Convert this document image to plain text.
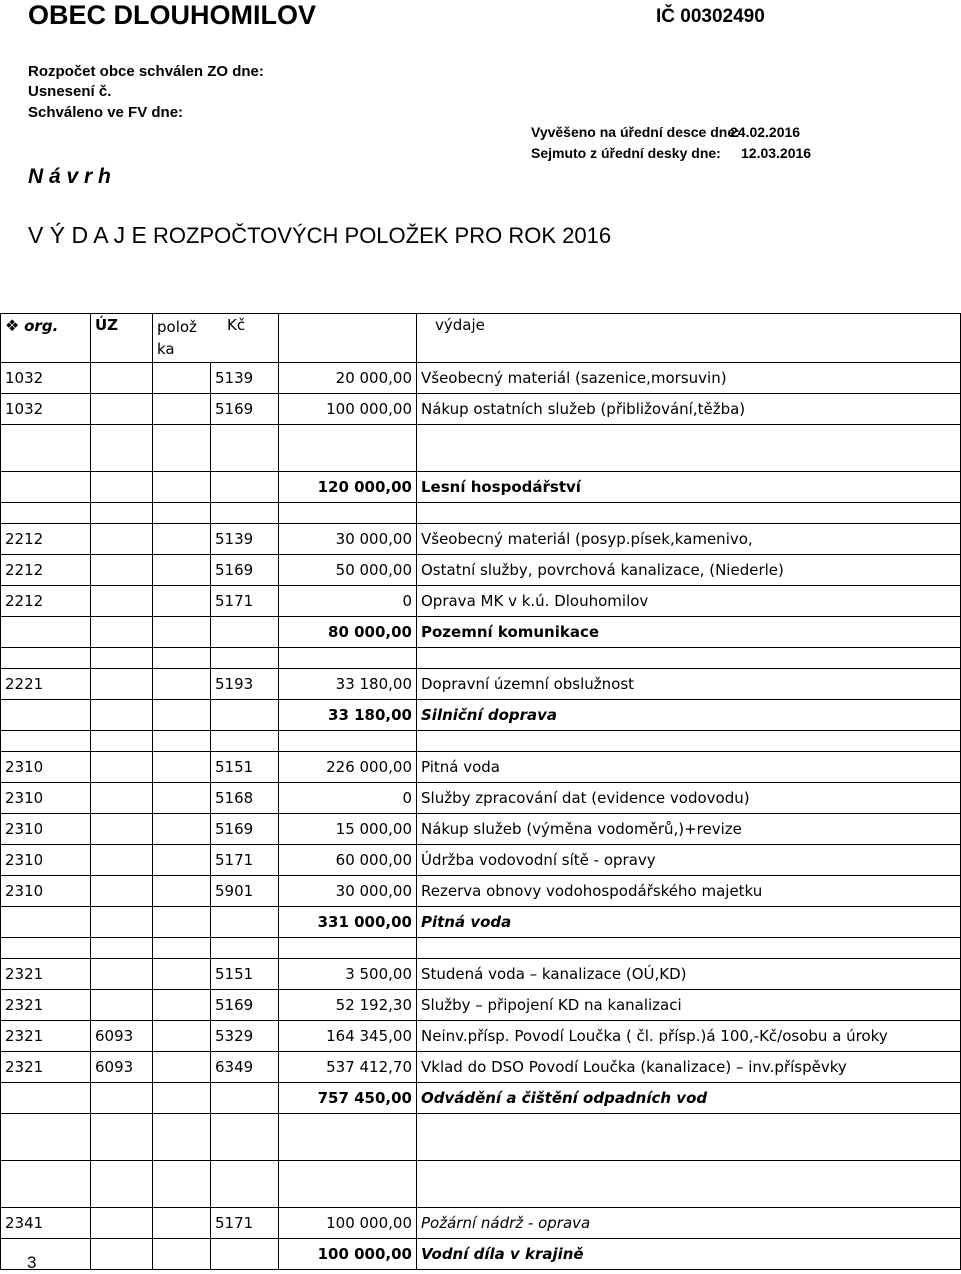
OBEC DLOUHOMILOV	IČ 00302490
Rozpočet obce schválen ZO dne:
Usnesení č.
Schváleno ve FV dne:
Vyvěšeno na úřední desce dne:
24.02.2016
Sejmuto z úřední desky dne: 12.03.2016
N á v r h
V Ý D A J E ROZPOČTOVÝCH POLOŽEK PRO ROK 2016
❖ org.	ÚZ	polož ka		Kč	výdaje
1032			5139	20 000,00	Všeobecný materiál (sazenice,morsuvin)
1032			5169	100 000,00	Nákup ostatních služeb (přibližování,těžba)

				120 000,00	Lesní hospodářství

2212			5139	30 000,00	Všeobecný materiál (posyp.písek,kamenivo,
2212			5169	50 000,00	Ostatní služby, povrchová kanalizace, (Niederle)
2212			5171	0	Oprava MK v k.ú. Dlouhomilov
				80 000,00	Pozemní komunikace

2221			5193	33 180,00	Dopravní územní obslužnost
				33 180,00	Silniční doprava

2310			5151	226 000,00	Pitná voda
2310			5168	0	Služby zpracování dat (evidence vodovodu)
2310			5169	15 000,00	Nákup služeb (výměna vodoměrů,)+revize
2310			5171	60 000,00	Údržba vodovodní sítě - opravy
2310			5901	30 000,00	Rezerva obnovy vodohospodářského majetku
				331 000,00	Pitná voda

2321			5151	3 500,00	Studená voda – kanalizace (OÚ,KD)
2321			5169	52 192,30	Služby – připojení KD na kanalizaci
2321	6093		5329	164 345,00	Neinv.přísp. Povodí Loučka ( čl. přísp.)á 100,-Kč/osobu a úroky
2321	6093		6349	537 412,70	Vklad do DSO Povodí Loučka (kanalizace) – inv.příspěvky
				757 450,00	Odvádění a čištění odpadních vod

2341			5171	100 000,00	Požární nádrž - oprava
				100 000,00	Vodní díla v krajině
3
